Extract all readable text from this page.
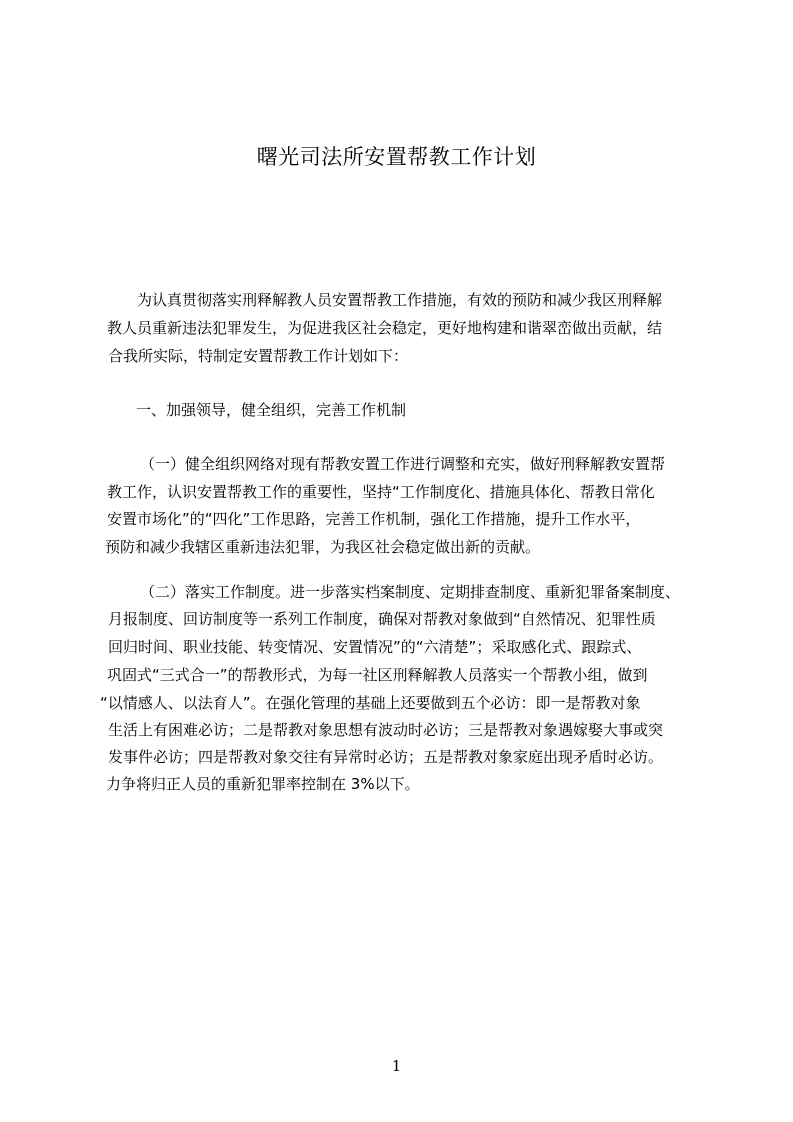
曙光司法所安置帮教工作计划
为认真贯彻落实刑释解教人员安置帮教工作措施，有效的预防和减少我区刑释解
教人员重新违法犯罪发生，为促进我区社会稳定，更好地构建和谐翠峦做出贡献，结
合我所实际，特制定安置帮教工作计划如下：
一、加强领导，健全组织，完善工作机制
（一）健全组织网络对现有帮教安置工作进行调整和充实，做好刑释解教安置帮
教工作，认识安置帮教工作的重要性，坚持“工作制度化、措施具体化、帮教日常化
安置市场化”的“四化”工作思路，完善工作机制，强化工作措施，提升工作水平，
预防和减少我辖区重新违法犯罪，为我区社会稳定做出新的贡献。
（二）落实工作制度。进一步落实档案制度、定期排查制度、重新犯罪备案制度、
月报制度、回访制度等一系列工作制度，确保对帮教对象做到“自然情况、犯罪性质
回归时间、职业技能、转变情况、安置情况”的“六清楚”；采取感化式、跟踪式、
巩固式“三式合一”的帮教形式，为每一社区刑释解教人员落实一个帮教小组，做到
“以情感人、以法育人”。在强化管理的基础上还要做到五个必访：即一是帮教对象
生活上有困难必访；二是帮教对象思想有波动时必访；三是帮教对象遇嫁娶大事或突
发事件必访；四是帮教对象交往有异常时必访；五是帮教对象家庭出现矛盾时必访。
力争将归正人员的重新犯罪率控制在 3%以下。
1
